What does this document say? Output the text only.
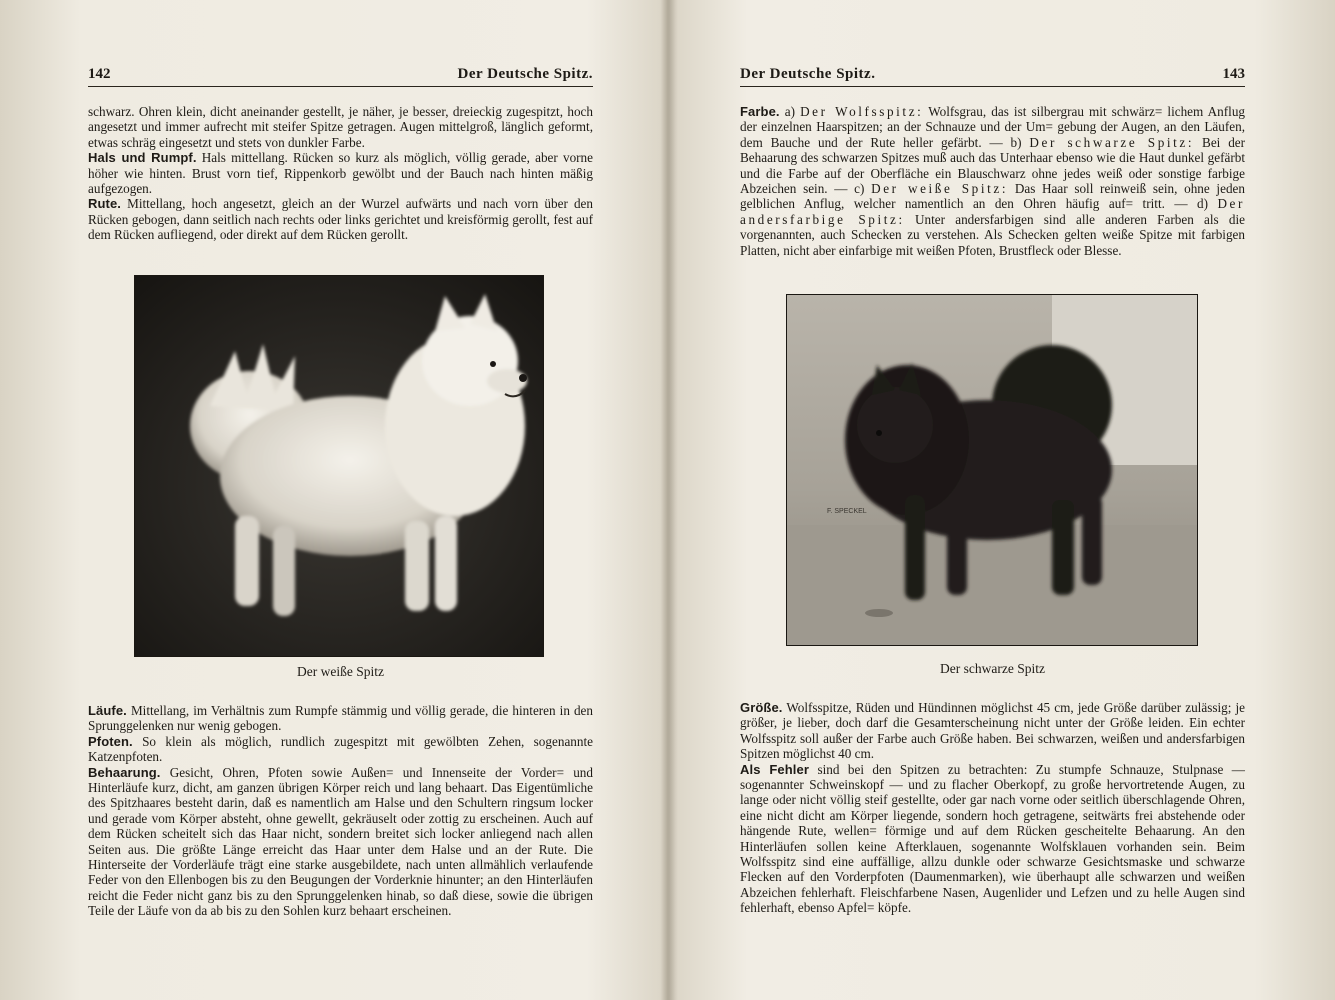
142	Der Deutsche Spitz.

schwarz. Ohren klein, dicht aneinander gestellt, je näher, je besser, dreieckig zugespitzt, hoch angesetzt und immer aufrecht mit steifer Spitze getragen. Augen mittelgroß, länglich geformt, etwas schräg eingesetzt und stets von dunkler Farbe.

Hals und Rumpf. Hals mittellang. Rücken so kurz als möglich, völlig gerade, aber vorne höher wie hinten. Brust vorn tief, Rippenkorb gewölbt und der Bauch nach hinten mäßig aufgezogen.

Rute. Mittellang, hoch angesetzt, gleich an der Wurzel aufwärts und nach vorn über den Rücken gebogen, dann seitlich nach rechts oder links gerichtet und kreisförmig gerollt, fest auf dem Rücken aufliegend, oder direkt auf dem Rücken gerollt.

Der weiße Spitz

Läufe. Mittellang, im Verhältnis zum Rumpfe stämmig und völlig gerade, die hinteren in den Sprunggelenken nur wenig gebogen.

Pfoten. So klein als möglich, rundlich zugespitzt mit gewölbten Zehen, sogenannte Katzenpfoten.

Behaarung. Gesicht, Ohren, Pfoten sowie Außen= und Innenseite der Vorder= und Hinterläufe kurz, dicht, am ganzen übrigen Körper reich und lang behaart. Das Eigentümliche des Spitzhaares besteht darin, daß es namentlich am Halse und den Schultern ringsum locker und gerade vom Körper absteht, ohne gewellt, gekräuselt oder zottig zu erscheinen. Auch auf dem Rücken scheitelt sich das Haar nicht, sondern breitet sich locker anliegend nach allen Seiten aus. Die größte Länge erreicht das Haar unter dem Halse und an der Rute. Die Hinterseite der Vorderläufe trägt eine starke ausgebildete, nach unten allmählich verlaufende Feder von den Ellenbogen bis zu den Beugungen der Vorderknie hinunter; an den Hinterläufen reicht die Feder nicht ganz bis zu den Sprunggelenken hinab, so daß diese, sowie die übrigen Teile der Läufe von da ab bis zu den Sohlen kurz behaart erscheinen.

Der Deutsche Spitz.	143

Farbe. a) Der Wolfsspitz: Wolfsgrau, das ist silbergrau mit schwärz= lichem Anflug der einzelnen Haarspitzen; an der Schnauze und der Um= gebung der Augen, an den Läufen, dem Bauche und der Rute heller gefärbt. — b) Der schwarze Spitz: Bei der Behaarung des schwarzen Spitzes muß auch das Unterhaar ebenso wie die Haut dunkel gefärbt und die Farbe auf der Oberfläche ein Blauschwarz ohne jedes weiß oder sonstige farbige Abzeichen sein. — c) Der weiße Spitz: Das Haar soll reinweiß sein, ohne jeden gelblichen Anflug, welcher namentlich an den Ohren häufig auf= tritt. — d) Der andersfarbige Spitz: Unter andersfarbigen sind alle anderen Farben als die vorgenannten, auch Schecken zu verstehen. Als Schecken gelten weiße Spitze mit farbigen Platten, nicht aber einfarbige mit weißen Pfoten, Brustfleck oder Blesse.

F. SPECKEL
Der schwarze Spitz

Größe. Wolfsspitze, Rüden und Hündinnen möglichst 45 cm, jede Größe darüber zulässig; je größer, je lieber, doch darf die Gesamterscheinung nicht unter der Größe leiden. Ein echter Wolfsspitz soll außer der Farbe auch Größe haben. Bei schwarzen, weißen und andersfarbigen Spitzen möglichst 40 cm.

Als Fehler sind bei den Spitzen zu betrachten: Zu stumpfe Schnauze, Stulpnase — sogenannter Schweinskopf — und zu flacher Oberkopf, zu große hervortretende Augen, zu lange oder nicht völlig steif gestellte, oder gar nach vorne oder seitlich überschlagende Ohren, eine nicht dicht am Körper liegende, sondern hoch getragene, seitwärts frei abstehende oder hängende Rute, wellen= förmige und auf dem Rücken gescheitelte Behaarung. An den Hinterläufen sollen keine Afterklauen, sogenannte Wolfsklauen vorhanden sein. Beim Wolfsspitz sind eine auffällige, allzu dunkle oder schwarze Gesichtsmaske und schwarze Flecken auf den Vorderpfoten (Daumenmarken), wie überhaupt alle schwarzen und weißen Abzeichen fehlerhaft. Fleischfarbene Nasen, Augenlider und Lefzen und zu helle Augen sind fehlerhaft, ebenso Apfel= köpfe.
